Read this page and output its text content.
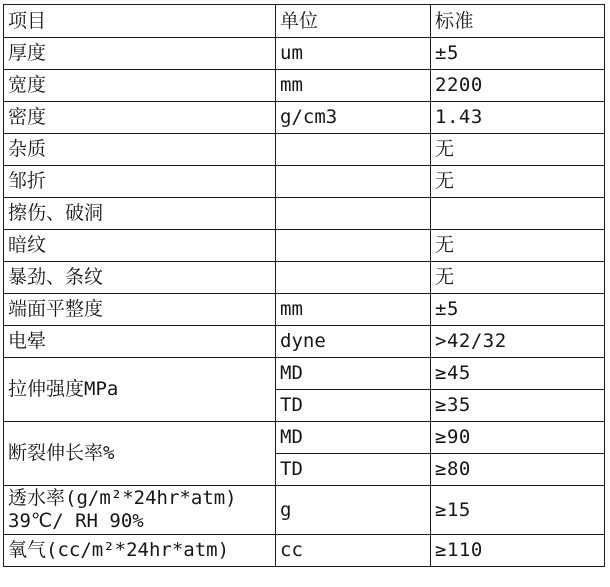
项目	单位	标准
厚度	um	±5
宽度	mm	2200
密度	g/cm3	1.43
杂质		无
邹折		无
擦伤、破洞		
暗纹		无
暴劲、条纹		无
端面平整度	mm	±5
电晕	dyne	>42/32
拉伸强度MPa	MD	≥45
	TD	≥35
断裂伸长率%	MD	≥90
	TD	≥80
透水率(g/m²*24hr*atm)
39℃/ RH 90%	g	≥15
氧气(cc/m²*24hr*atm)	cc	≥110
